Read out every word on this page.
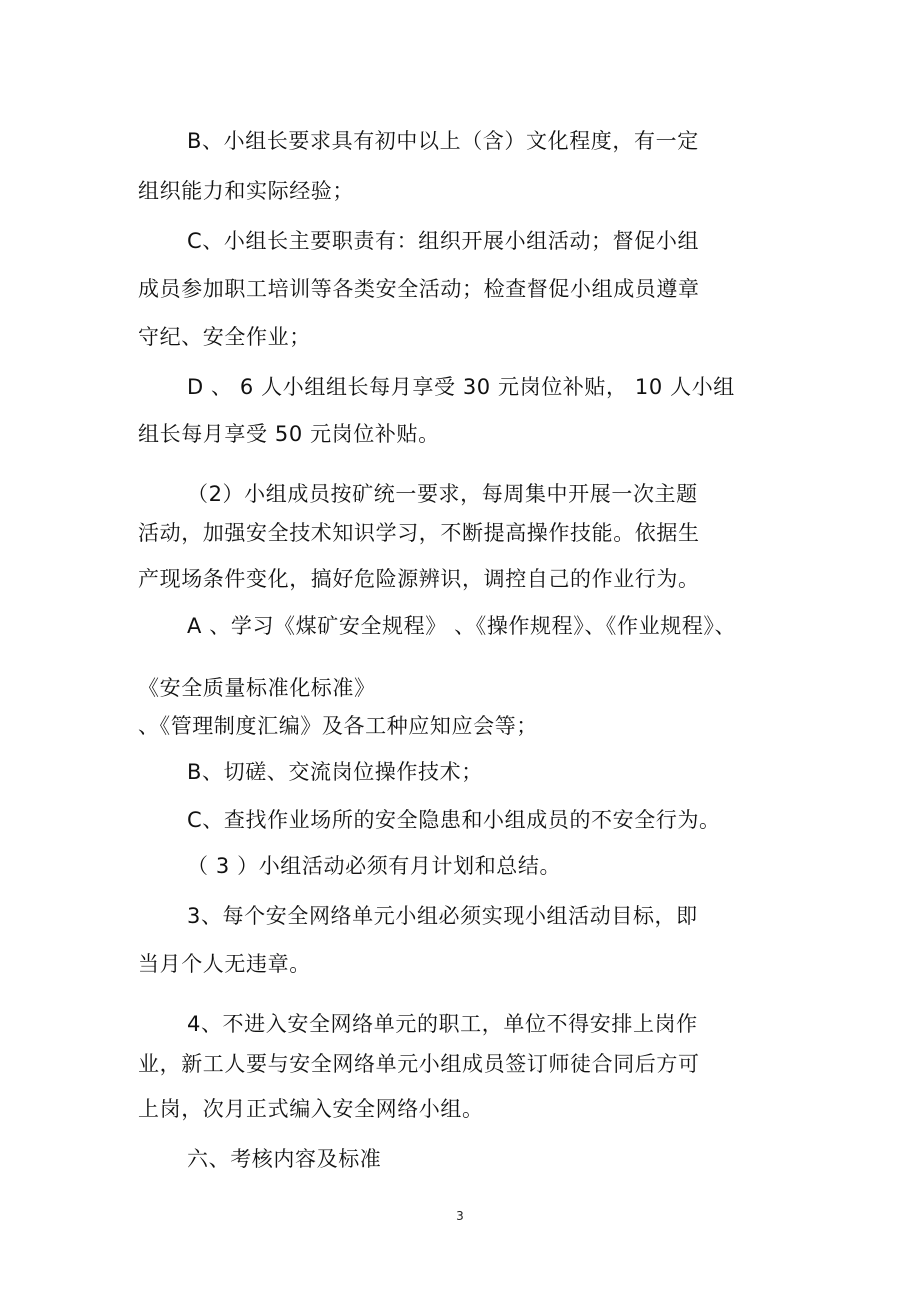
B、小组长要求具有初中以上（含）文化程度，有一定
组织能力和实际经验；
C、小组长主要职责有：组织开展小组活动；督促小组
成员参加职工培训等各类安全活动；检查督促小组成员遵章
守纪、安全作业；
D 、 6 人小组组长每月享受 30 元岗位补贴， 10 人小组
组长每月享受 50 元岗位补贴。
（2）小组成员按矿统一要求，每周集中开展一次主题
活动，加强安全技术知识学习，不断提高操作技能。依据生
产现场条件变化，搞好危险源辨识，调控自己的作业行为。
A 、学习《煤矿安全规程》 、《操作规程》、《作业规程》、
《安全质量标准化标准》
、《管理制度汇编》及各工种应知应会等；
B、切磋、交流岗位操作技术；
C、查找作业场所的安全隐患和小组成员的不安全行为。
（ 3 ）小组活动必须有月计划和总结。
3、每个安全网络单元小组必须实现小组活动目标，即
当月个人无违章。
4、不进入安全网络单元的职工，单位不得安排上岗作
业，新工人要与安全网络单元小组成员签订师徒合同后方可
上岗，次月正式编入安全网络小组。
六、考核内容及标准
3
